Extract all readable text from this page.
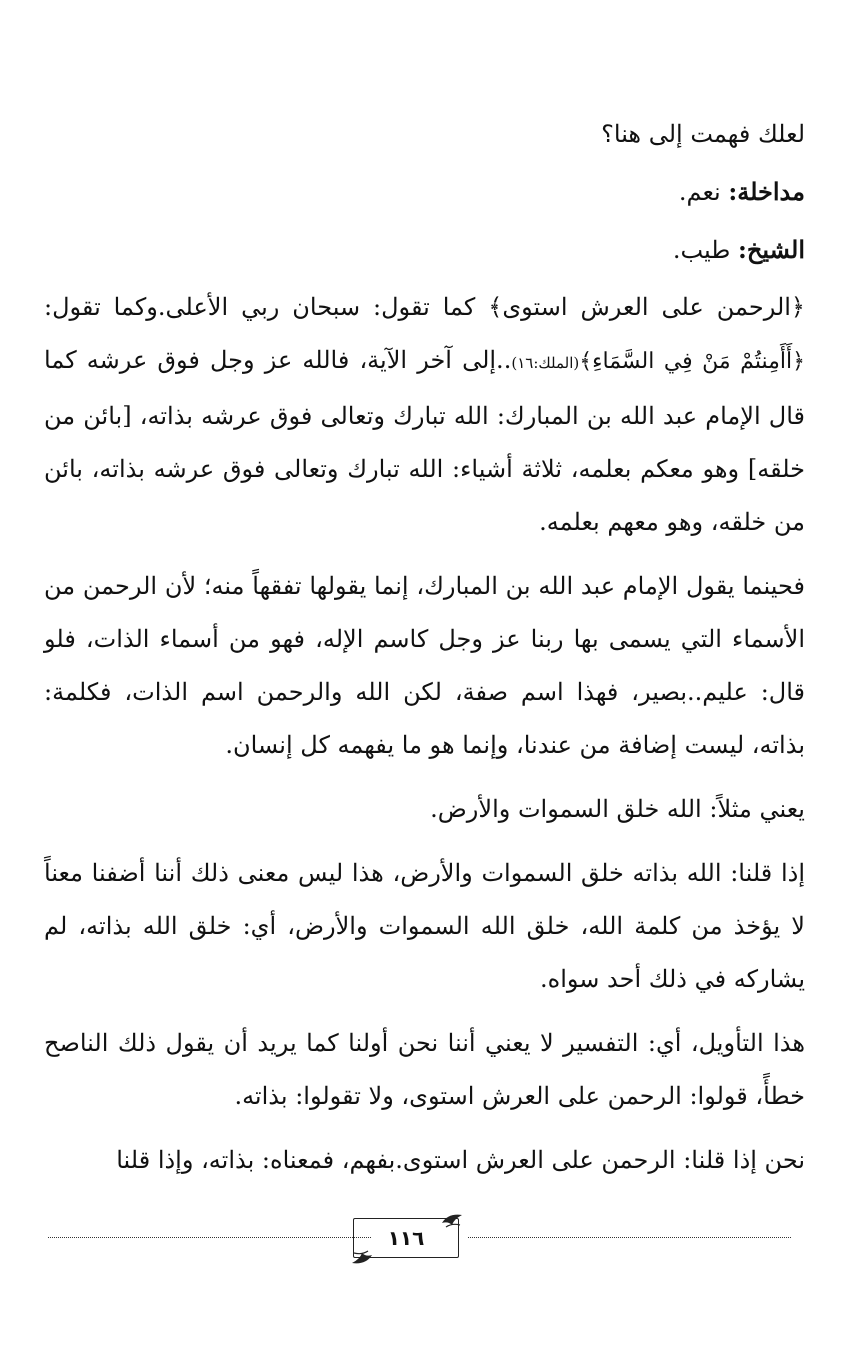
لعلك فهمت إلى هنا؟

مداخلة: نعم.

الشيخ: طيب.

﴿الرحمن على العرش استوى﴾ كما تقول: سبحان ربي الأعلى.وكما تقول: ﴿أَأَمِنتُمْ مَنْ فِي السَّمَاءِ﴾(الملك:١٦)..إلى آخر الآية، فالله عز وجل فوق عرشه كما قال الإمام عبد الله بن المبارك: الله تبارك وتعالى فوق عرشه بذاته، [بائن من خلقه] وهو معكم بعلمه، ثلاثة أشياء: الله تبارك وتعالى فوق عرشه بذاته، بائن من خلقه، وهو معهم بعلمه.

فحينما يقول الإمام عبد الله بن المبارك، إنما يقولها تفقهاً منه؛ لأن الرحمن من الأسماء التي يسمى بها ربنا عز وجل كاسم الإله، فهو من أسماء الذات، فلو قال: عليم..بصير، فهذا اسم صفة، لكن الله والرحمن اسم الذات، فكلمة: بذاته، ليست إضافة من عندنا، وإنما هو ما يفهمه كل إنسان.

يعني مثلاً: الله خلق السموات والأرض.

إذا قلنا: الله بذاته خلق السموات والأرض، هذا ليس معنى ذلك أننا أضفنا معناً لا يؤخذ من كلمة الله، خلق الله السموات والأرض، أي: خلق الله بذاته، لم يشاركه في ذلك أحد سواه.

هذا التأويل، أي: التفسير لا يعني أننا نحن أولنا كما يريد أن يقول ذلك الناصح خطأً، قولوا: الرحمن على العرش استوى، ولا تقولوا: بذاته.

نحن إذا قلنا: الرحمن على العرش استوى.بفهم، فمعناه: بذاته، وإذا قلنا

١١٦
